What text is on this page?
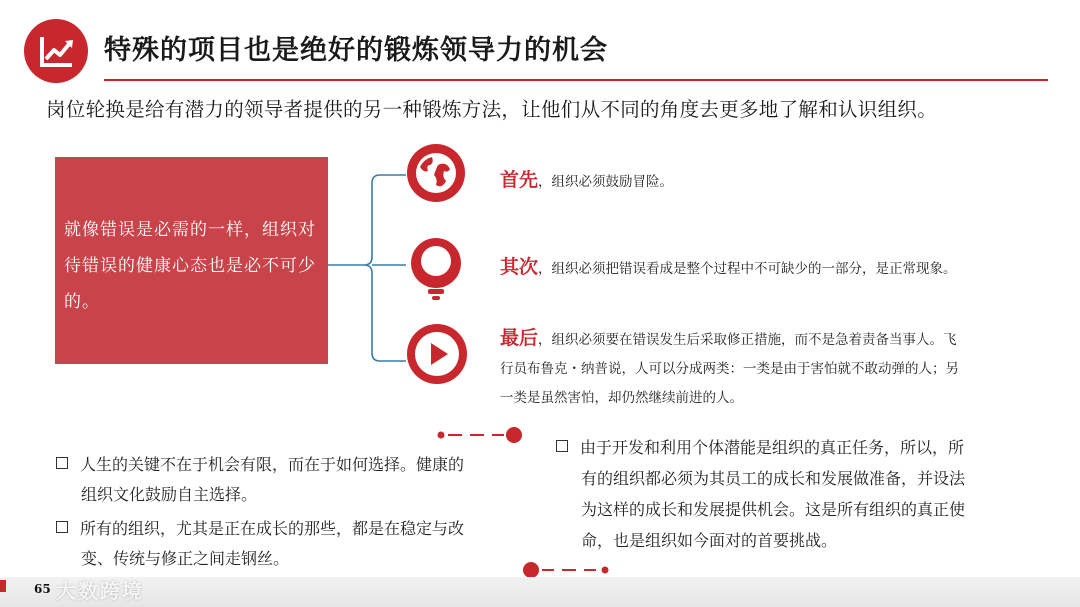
特殊的项目也是绝好的锻炼领导力的机会
岗位轮换是给有潜力的领导者提供的另一种锻炼方法，让他们从不同的角度去更多地了解和认识组织。
就像错误是必需的一样，组织对待错误的健康心态也是必不可少的。
首先，组织必须鼓励冒险。
其次，组织必须把错误看成是整个过程中不可缺少的一部分，是正常现象。
最后，组织必须要在错误发生后采取修正措施，而不是急着责备当事人。飞
行员布鲁克・纳普说，人可以分成两类：一类是由于害怕就不敢动弹的人；另
一类是虽然害怕，却仍然继续前进的人。
人生的关键不在于机会有限，而在于如何选择。健康的
组织文化鼓励自主选择。
所有的组织，尤其是正在成长的那些，都是在稳定与改
变、传统与修正之间走钢丝。
由于开发和利用个体潜能是组织的真正任务，所以，所
有的组织都必须为其员工的成长和发展做准备，并设法
为这样的成长和发展提供机会。这是所有组织的真正使
命，也是组织如今面对的首要挑战。
65 大数跨境
